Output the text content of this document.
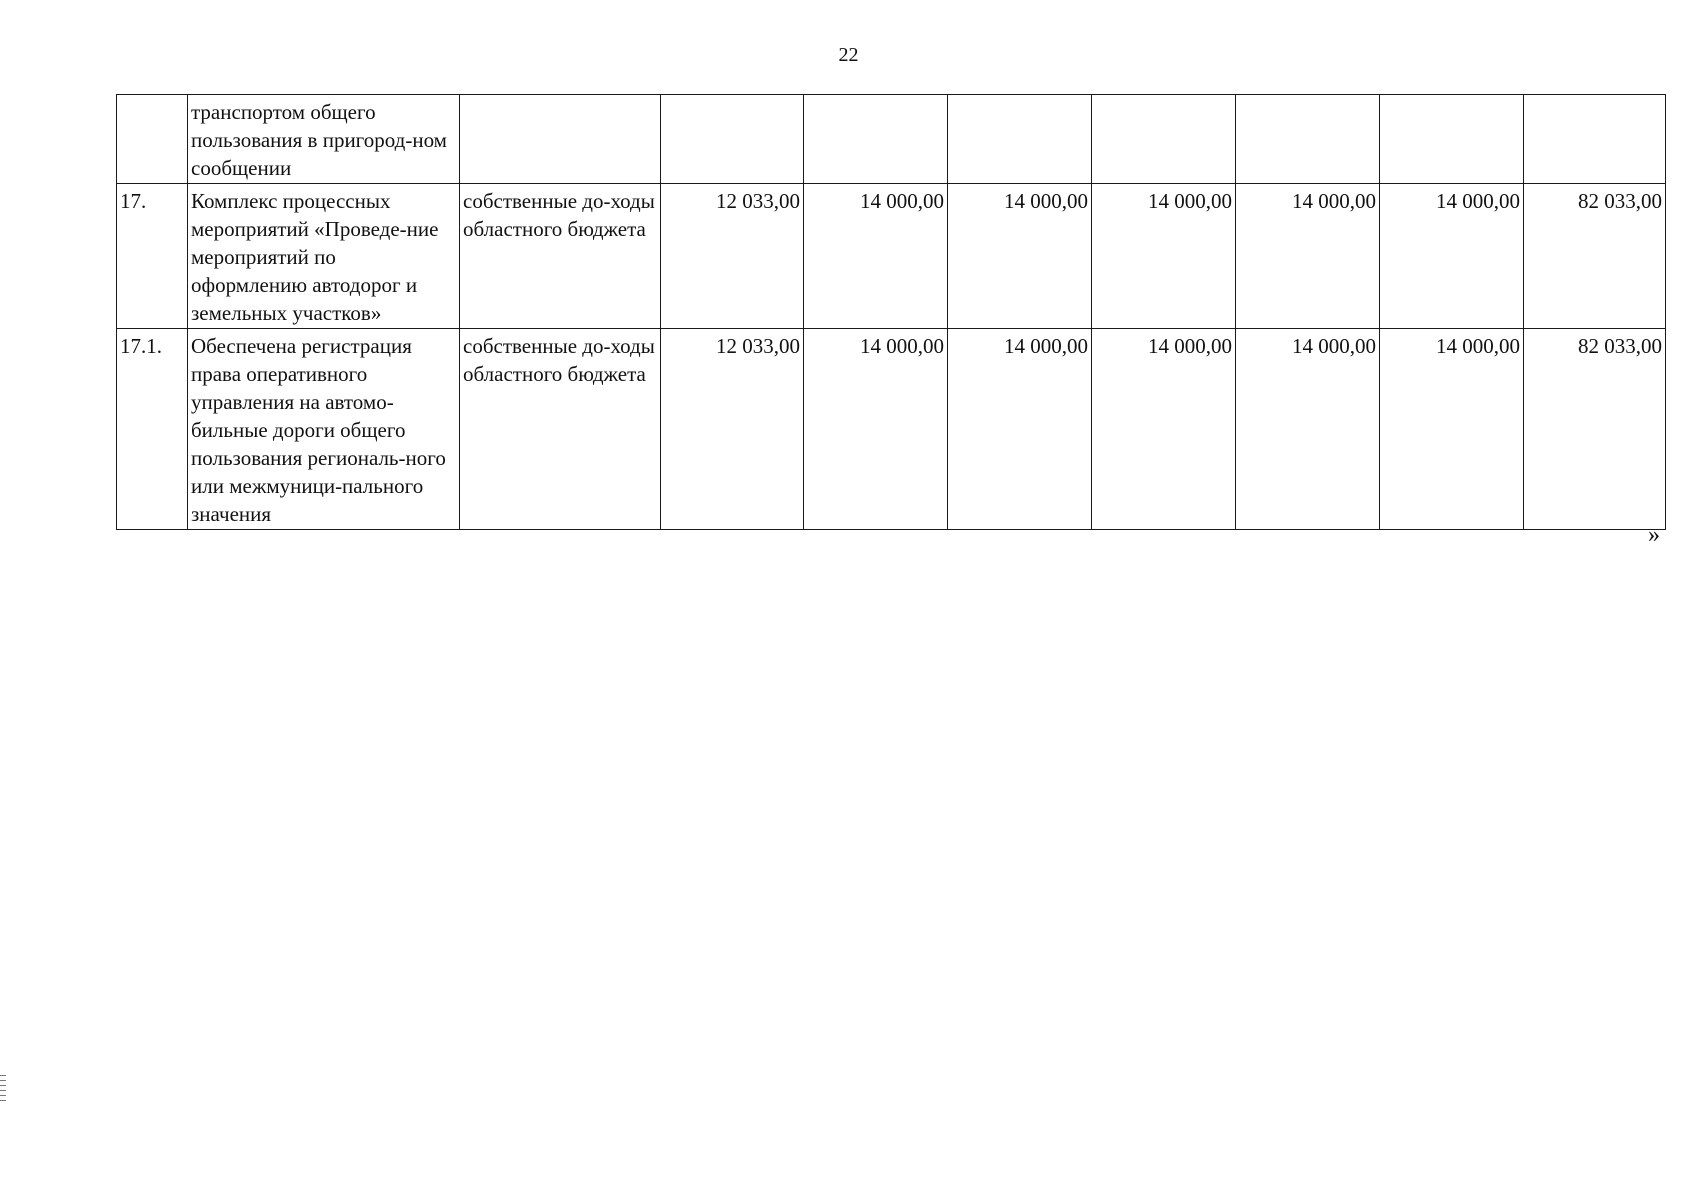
22
	транспортом общего пользования в пригород-ном сообщении								
17.	Комплекс процессных мероприятий «Проведе-ние мероприятий по оформлению автодорог и земельных участков»	собственные до-ходы областного бюджета	12 033,00	14 000,00	14 000,00	14 000,00	14 000,00	14 000,00	82 033,00
17.1.	Обеспечена регистрация права оперативного управления на автомо-бильные дороги общего пользования региональ-ного или межмуници-пального значения	собственные до-ходы областного бюджета	12 033,00	14 000,00	14 000,00	14 000,00	14 000,00	14 000,00	82 033,00
»
